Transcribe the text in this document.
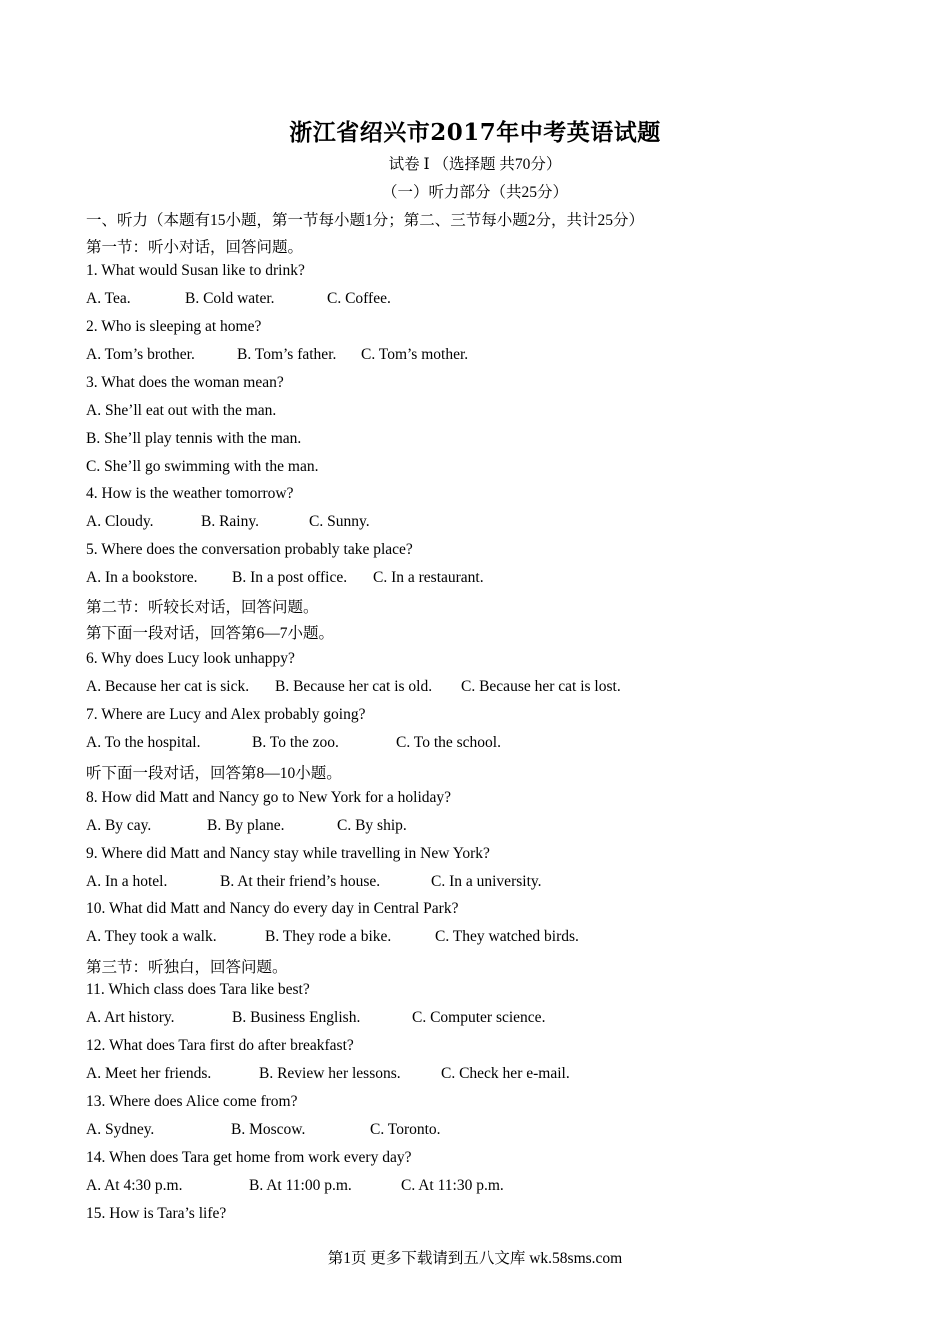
浙江省绍兴市2017年中考英语试题
试卷 Ⅰ （选择题 共70分）
（一）听力部分（共25分）
一、听力（本题有15小题，第一节每小题1分；第二、三节每小题2分，共计25分）
第一节：听小对话，回答问题。
1. What would Susan like to drink?
A. Tea.	B. Cold water.	C. Coffee.
2. Who is sleeping at home?
A. Tom’s brother.	B. Tom’s father. C. Tom’s mother.
3. What does the woman mean?
A. She’ll eat out with the man.
B. She’ll play tennis with the man.
C. She’ll go swimming with the man.
4. How is the weather tomorrow?
A. Cloudy.	B. Rainy.	C. Sunny.
5. Where does the conversation probably take place?
A. In a bookstore. B. In a post office. C. In a restaurant.
第二节：听较长对话，回答问题。
第下面一段对话，回答第6—7小题。
6. Why does Lucy look unhappy?
A. Because her cat is sick. B. Because her cat is old. C. Because her cat is lost.
7. Where are Lucy and Alex probably going?
A. To the hospital.	B. To the zoo.	C. To the school.
听下面一段对话，回答第8—10小题。
8. How did Matt and Nancy go to New York for a holiday?
A. By cay.	B. By plane.	C. By ship.
9. Where did Matt and Nancy stay while travelling in New York?
A. In a hotel.	B. At their friend’s house.	C. In a university.
10. What did Matt and Nancy do every day in Central Park?
A. They took a walk.	B. They rode a bike.	C. They watched birds.
第三节：听独白，回答问题。
11. Which class does Tara like best?
A. Art history.	B. Business English.	C. Computer science.
12. What does Tara first do after breakfast?
A. Meet her friends.	B. Review her lessons.	C. Check her e-mail.
13. Where does Alice come from?
A. Sydney.	B. Moscow.	C. Toronto.
14. When does Tara get home from work every day?
A. At 4:30 p.m.	B. At 11:00 p.m.	C. At 11:30 p.m.
15. How is Tara’s life?
第1页 更多下载请到五八文库 wk.58sms.com
